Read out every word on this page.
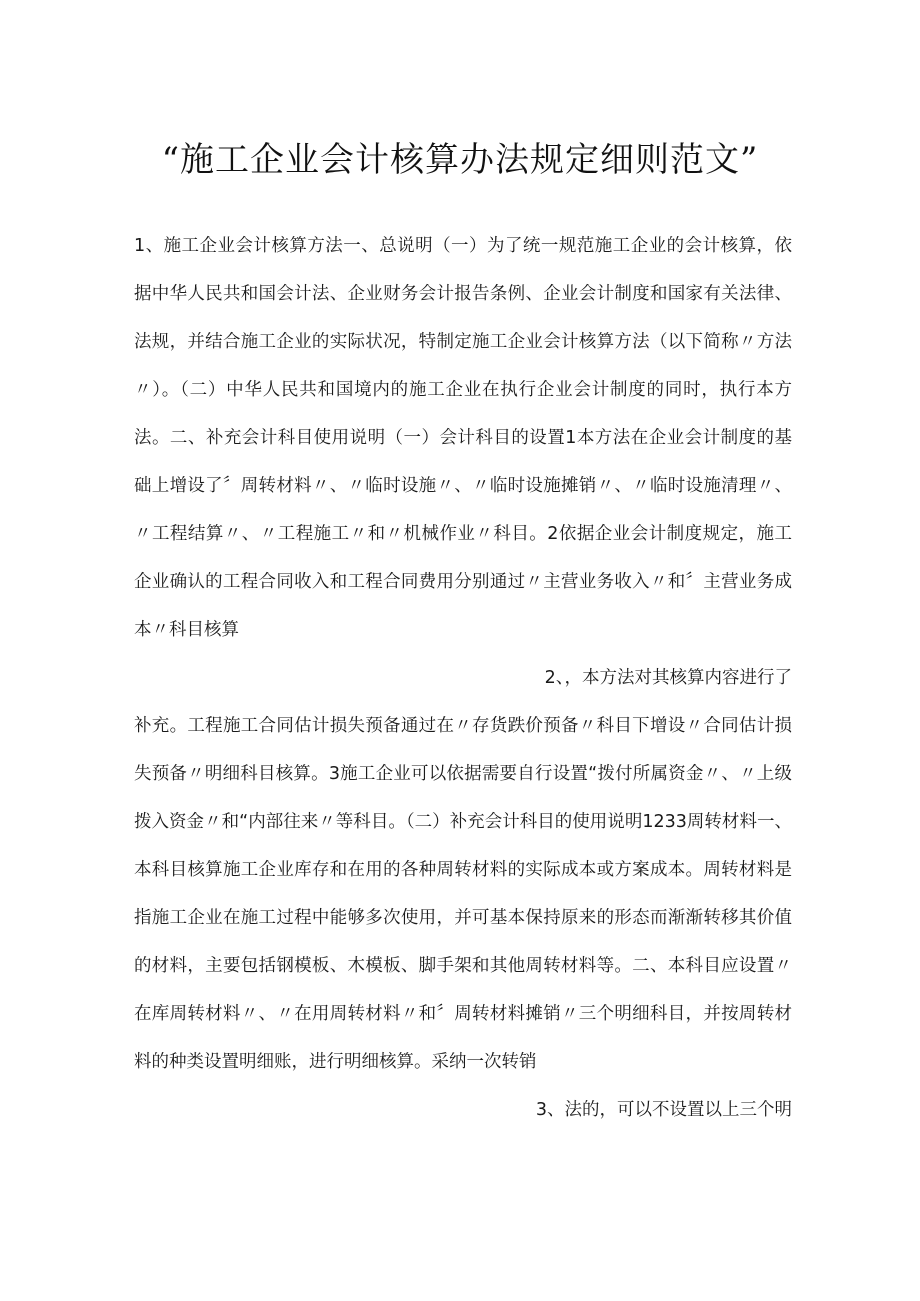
“施工企业会计核算办法规定细则范文”

1、施工企业会计核算方法一、总说明（一）为了统一规范施工企业的会计核算，依据中华人民共和国会计法、企业财务会计报告条例、企业会计制度和国家有关法律、法规，并结合施工企业的实际状况，特制定施工企业会计核算方法（以下简称〃方法〃）。（二）中华人民共和国境内的施工企业在执行企业会计制度的同时，执行本方法。二、补充会计科目使用说明（一）会计科目的设置1本方法在企业会计制度的基础上增设了〞周转材料〃、〃临时设施〃、〃临时设施摊销〃、〃临时设施清理〃、〃工程结算〃、〃工程施工〃和〃机械作业〃科目。2依据企业会计制度规定，施工企业确认的工程合同收入和工程合同费用分别通过〃主营业务收入〃和〞主营业务成本〃科目核算

2、，本方法对其核算内容进行了

补充。工程施工合同估计损失预备通过在〃存货跌价预备〃科目下增设〃合同估计损失预备〃明细科目核算。3施工企业可以依据需要自行设置“拨付所属资金〃、〃上级拨入资金〃和“内部往来〃等科目。（二）补充会计科目的使用说明1233周转材料一、本科目核算施工企业库存和在用的各种周转材料的实际成本或方案成本。周转材料是指施工企业在施工过程中能够多次使用，并可基本保持原来的形态而渐渐转移其价值的材料，主要包括钢模板、木模板、脚手架和其他周转材料等。二、本科目应设置〃在库周转材料〃、〃在用周转材料〃和〞周转材料摊销〃三个明细科目，并按周转材料的种类设置明细账，进行明细核算。采纳一次转销

3、法的，可以不设置以上三个明
